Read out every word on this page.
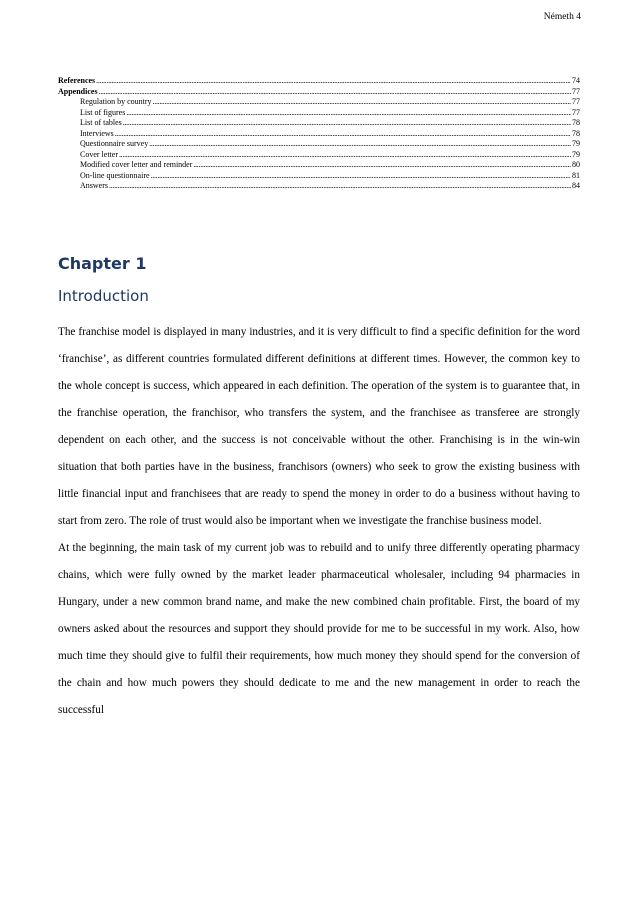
Németh 4
References .....	74
Appendices .....	77
Regulation by country .....	77
List of figures .....	77
List of tables .....	78
Interviews .....	78
Questionnaire survey .....	79
Cover letter .....	79
Modified cover letter and reminder .....	80
On-line questionnaire .....	81
Answers .....	84
Chapter 1
Introduction

The franchise model is displayed in many industries, and it is very difficult to find a specific definition for the word ‘franchise’, as different countries formulated different definitions at different times. However, the common key to the whole concept is success, which appeared in each definition. The operation of the system is to guarantee that, in the franchise operation, the franchisor, who transfers the system, and the franchisee as transferee are strongly dependent on each other, and the success is not conceivable without the other. Franchising is in the win-win situation that both parties have in the business, franchisors (owners) who seek to grow the existing business with little financial input and franchisees that are ready to spend the money in order to do a business without having to start from zero. The role of trust would also be important when we investigate the franchise business model.

At the beginning, the main task of my current job was to rebuild and to unify three differently operating pharmacy chains, which were fully owned by the market leader pharmaceutical wholesaler, including 94 pharmacies in Hungary, under a new common brand name, and make the new combined chain profitable. First, the board of my owners asked about the resources and support they should provide for me to be successful in my work. Also, how much time they should give to fulfil their requirements, how much money they should spend for the conversion of the chain and how much powers they should dedicate to me and the new management in order to reach the successful
